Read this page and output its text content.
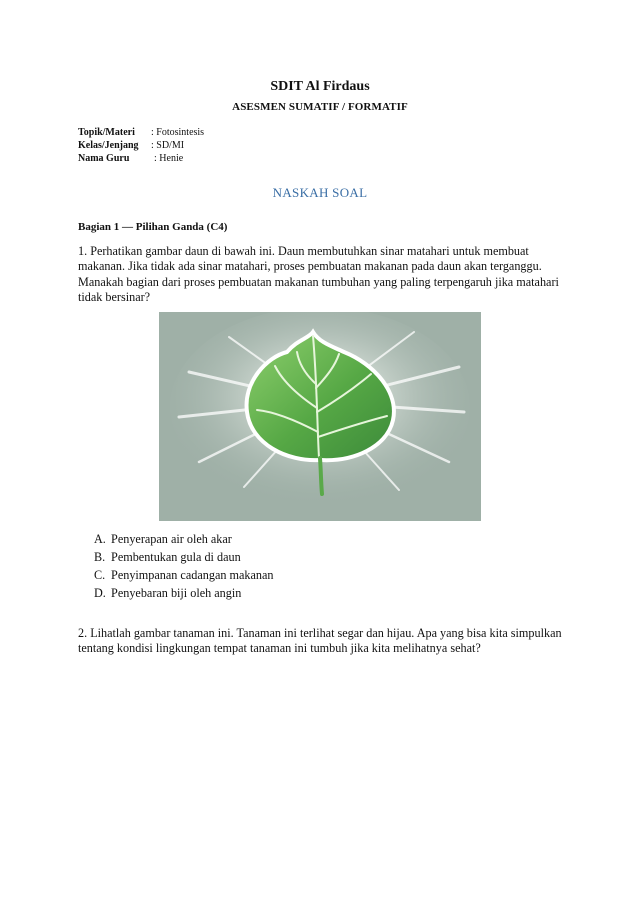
SDIT Al Firdaus
ASESMEN SUMATIF / FORMATIF
Topik/Materi : Fotosintesis
Kelas/Jenjang : SD/MI
Nama Guru : Henie
NASKAH SOAL
Bagian 1 — Pilihan Ganda (C4)
1. Perhatikan gambar daun di bawah ini. Daun membutuhkan sinar matahari untuk membuat makanan. Jika tidak ada sinar matahari, proses pembuatan makanan pada daun akan terganggu. Manakah bagian dari proses pembuatan makanan tumbuhan yang paling terpengaruh jika matahari tidak bersinar?
A. Penyerapan air oleh akar
B. Pembentukan gula di daun
C. Penyimpanan cadangan makanan
D. Penyebaran biji oleh angin
2. Lihatlah gambar tanaman ini. Tanaman ini terlihat segar dan hijau. Apa yang bisa kita simpulkan tentang kondisi lingkungan tempat tanaman ini tumbuh jika kita melihatnya sehat?
